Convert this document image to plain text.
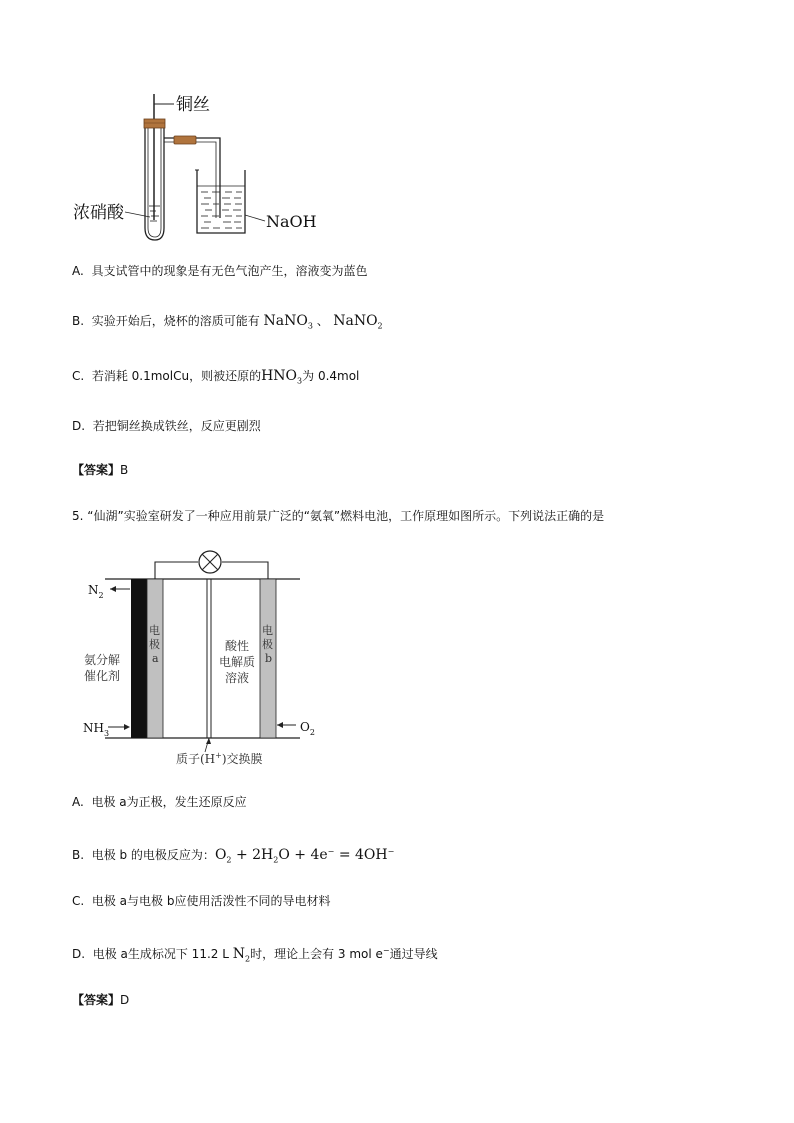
铜丝
浓硝酸	NaOH
A. 具支试管中的现象是有无色气泡产生，溶液变为蓝色
B. 实验开始后，烧杯的溶质可能有 NaNO$_3$ 、 NaNO$_2$
C. 若消耗 0.1molCu，则被还原的$HNO_3$为 0.4mol
D. 若把铜丝换成铁丝，反应更剧烈
【答案】B
5. “仙湖”实验室研发了一种应用前景广泛的“氨氧”燃料电池，工作原理如图所示。下列说法正确的是
$N_2$
$NH_3$	$O_2$
氨分解
催化剂
电
极
a
电
极
b
酸性
电解质
溶液
质子(H+)交换膜
A. 电极 a为正极，发生还原反应
B. 电极 b 的电极反应为：$O_2 + 2H_2O + 4e^- = 4OH^-$
C. 电极 a与电极 b应使用活泼性不同的导电材料
D. 电极 a生成标况下 11.2 L $N_2$时，理论上会有 3 mol e−通过导线
【答案】D
